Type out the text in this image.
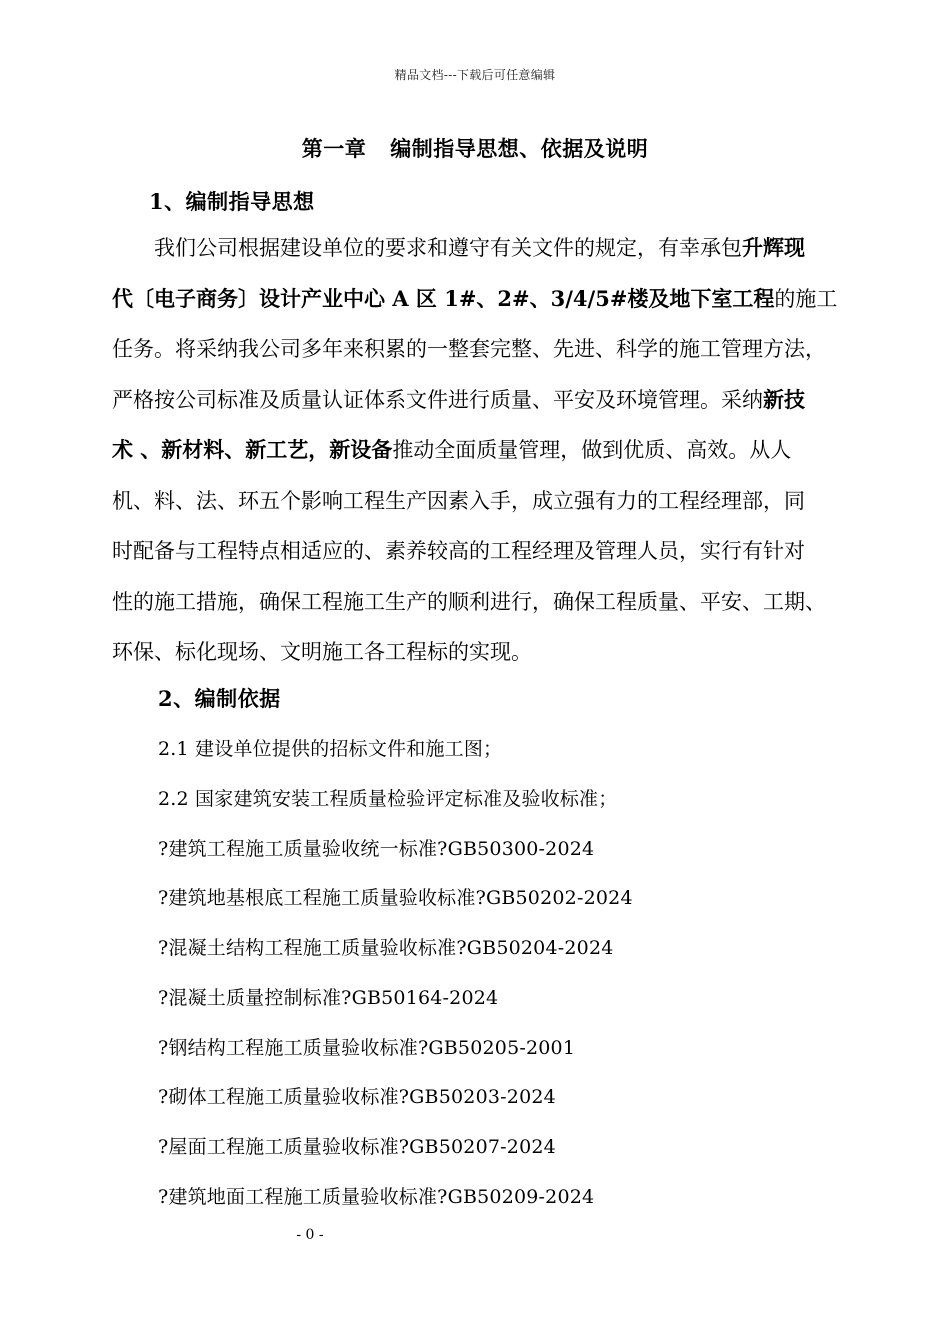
精品文档---下载后可任意编辑
第一章 编制指导思想、依据及说明
1、编制指导思想
我们公司根据建设单位的要求和遵守有关文件的规定，有幸承包升辉现
代〔电子商务〕设计产业中心 A 区 1#、2#、3/4/5#楼及地下室工程的施工
任务。将采纳我公司多年来积累的一整套完整、先进、科学的施工管理方法，
严格按公司标准及质量认证体系文件进行质量、平安及环境管理。采纳新技
术 、新材料、新工艺，新设备推动全面质量管理，做到优质、高效。从人
机、料、法、环五个影响工程生产因素入手，成立强有力的工程经理部，同
时配备与工程特点相适应的、素养较高的工程经理及管理人员，实行有针对
性的施工措施，确保工程施工生产的顺利进行，确保工程质量、平安、工期、
环保、标化现场、文明施工各工程标的实现。
2、编制依据
2.1 建设单位提供的招标文件和施工图；
2.2 国家建筑安装工程质量检验评定标准及验收标准；
?建筑工程施工质量验收统一标准?GB50300-2024
?建筑地基根底工程施工质量验收标准?GB50202-2024
?混凝土结构工程施工质量验收标准?GB50204-2024
?混凝土质量控制标准?GB50164-2024
?钢结构工程施工质量验收标准?GB50205-2001
?砌体工程施工质量验收标准?GB50203-2024
?屋面工程施工质量验收标准?GB50207-2024
?建筑地面工程施工质量验收标准?GB50209-2024
- 0 -
